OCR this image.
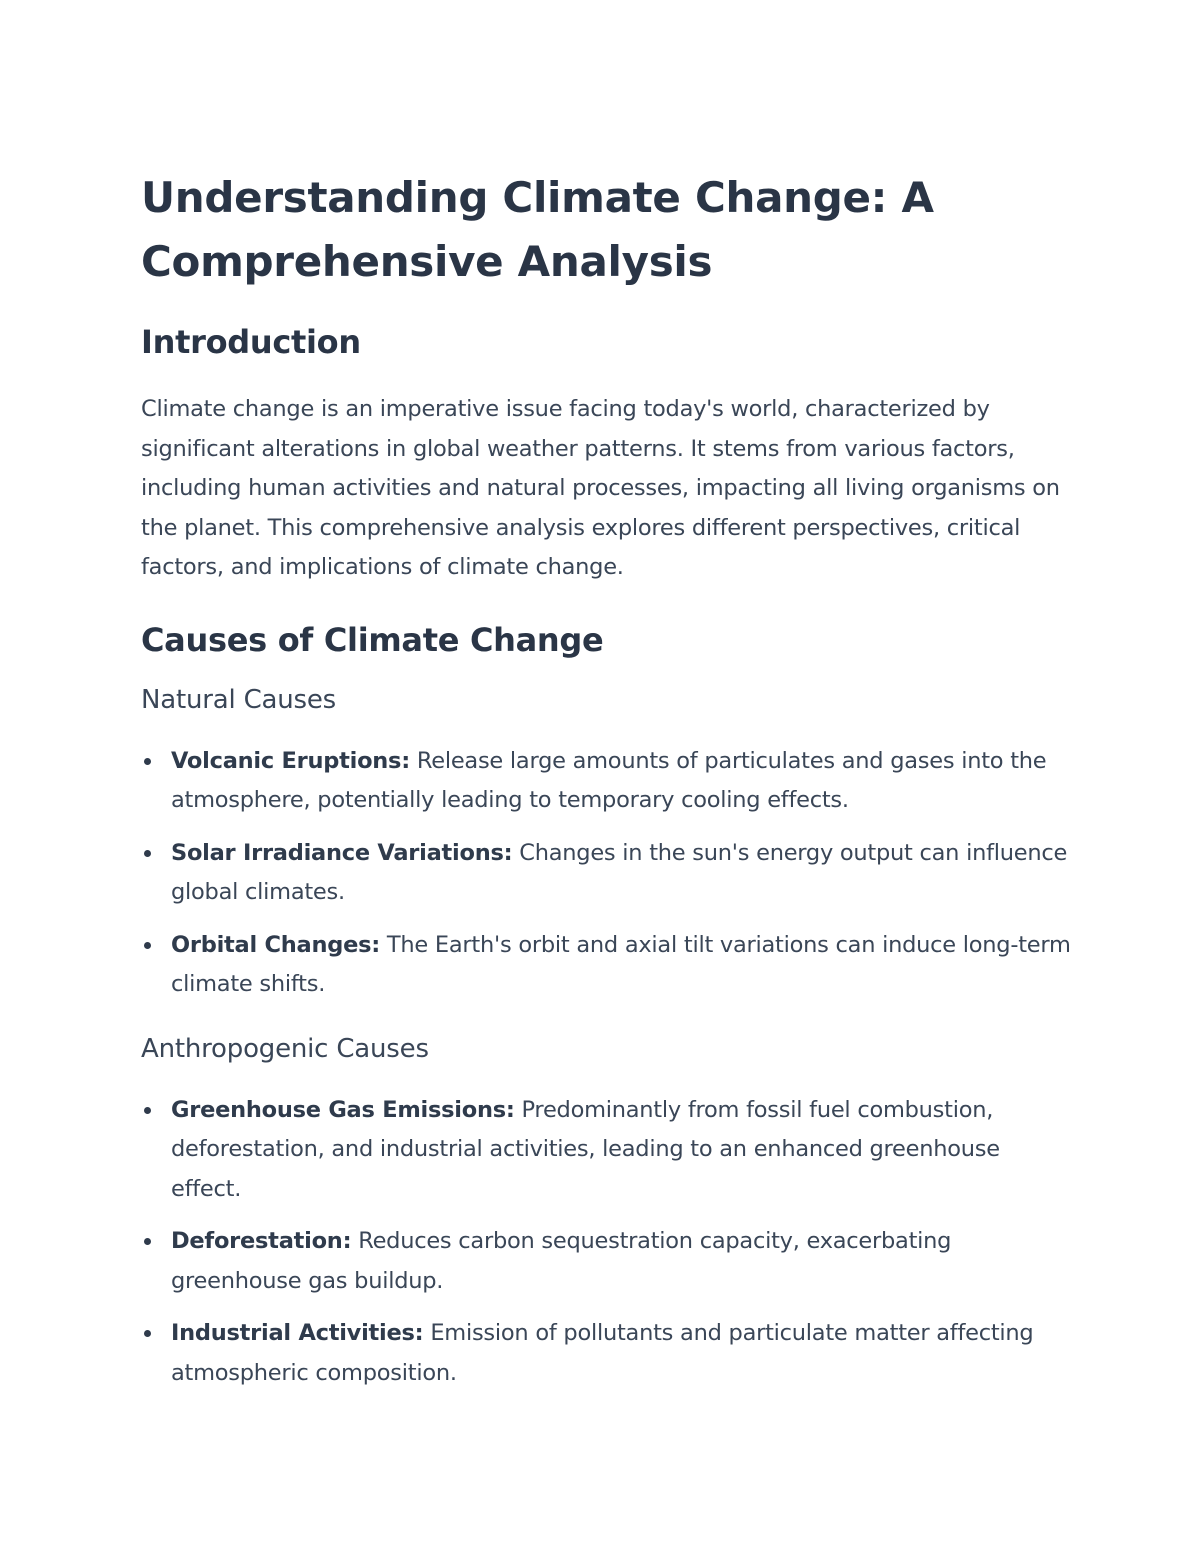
Understanding Climate Change: A Comprehensive Analysis
Introduction

Climate change is an imperative issue facing today's world, characterized by significant alterations in global weather patterns. It stems from various factors, including human activities and natural processes, impacting all living organisms on the planet. This comprehensive analysis explores different perspectives, critical factors, and implications of climate change.

Causes of Climate Change
Natural Causes
Volcanic Eruptions: Release large amounts of particulates and gases into the atmosphere, potentially leading to temporary cooling effects.
Solar Irradiance Variations: Changes in the sun's energy output can influence global climates.
Orbital Changes: The Earth's orbit and axial tilt variations can induce long-term climate shifts.
Anthropogenic Causes
Greenhouse Gas Emissions: Predominantly from fossil fuel combustion, deforestation, and industrial activities, leading to an enhanced greenhouse effect.
Deforestation: Reduces carbon sequestration capacity, exacerbating greenhouse gas buildup.
Industrial Activities: Emission of pollutants and particulate matter affecting atmospheric composition.
